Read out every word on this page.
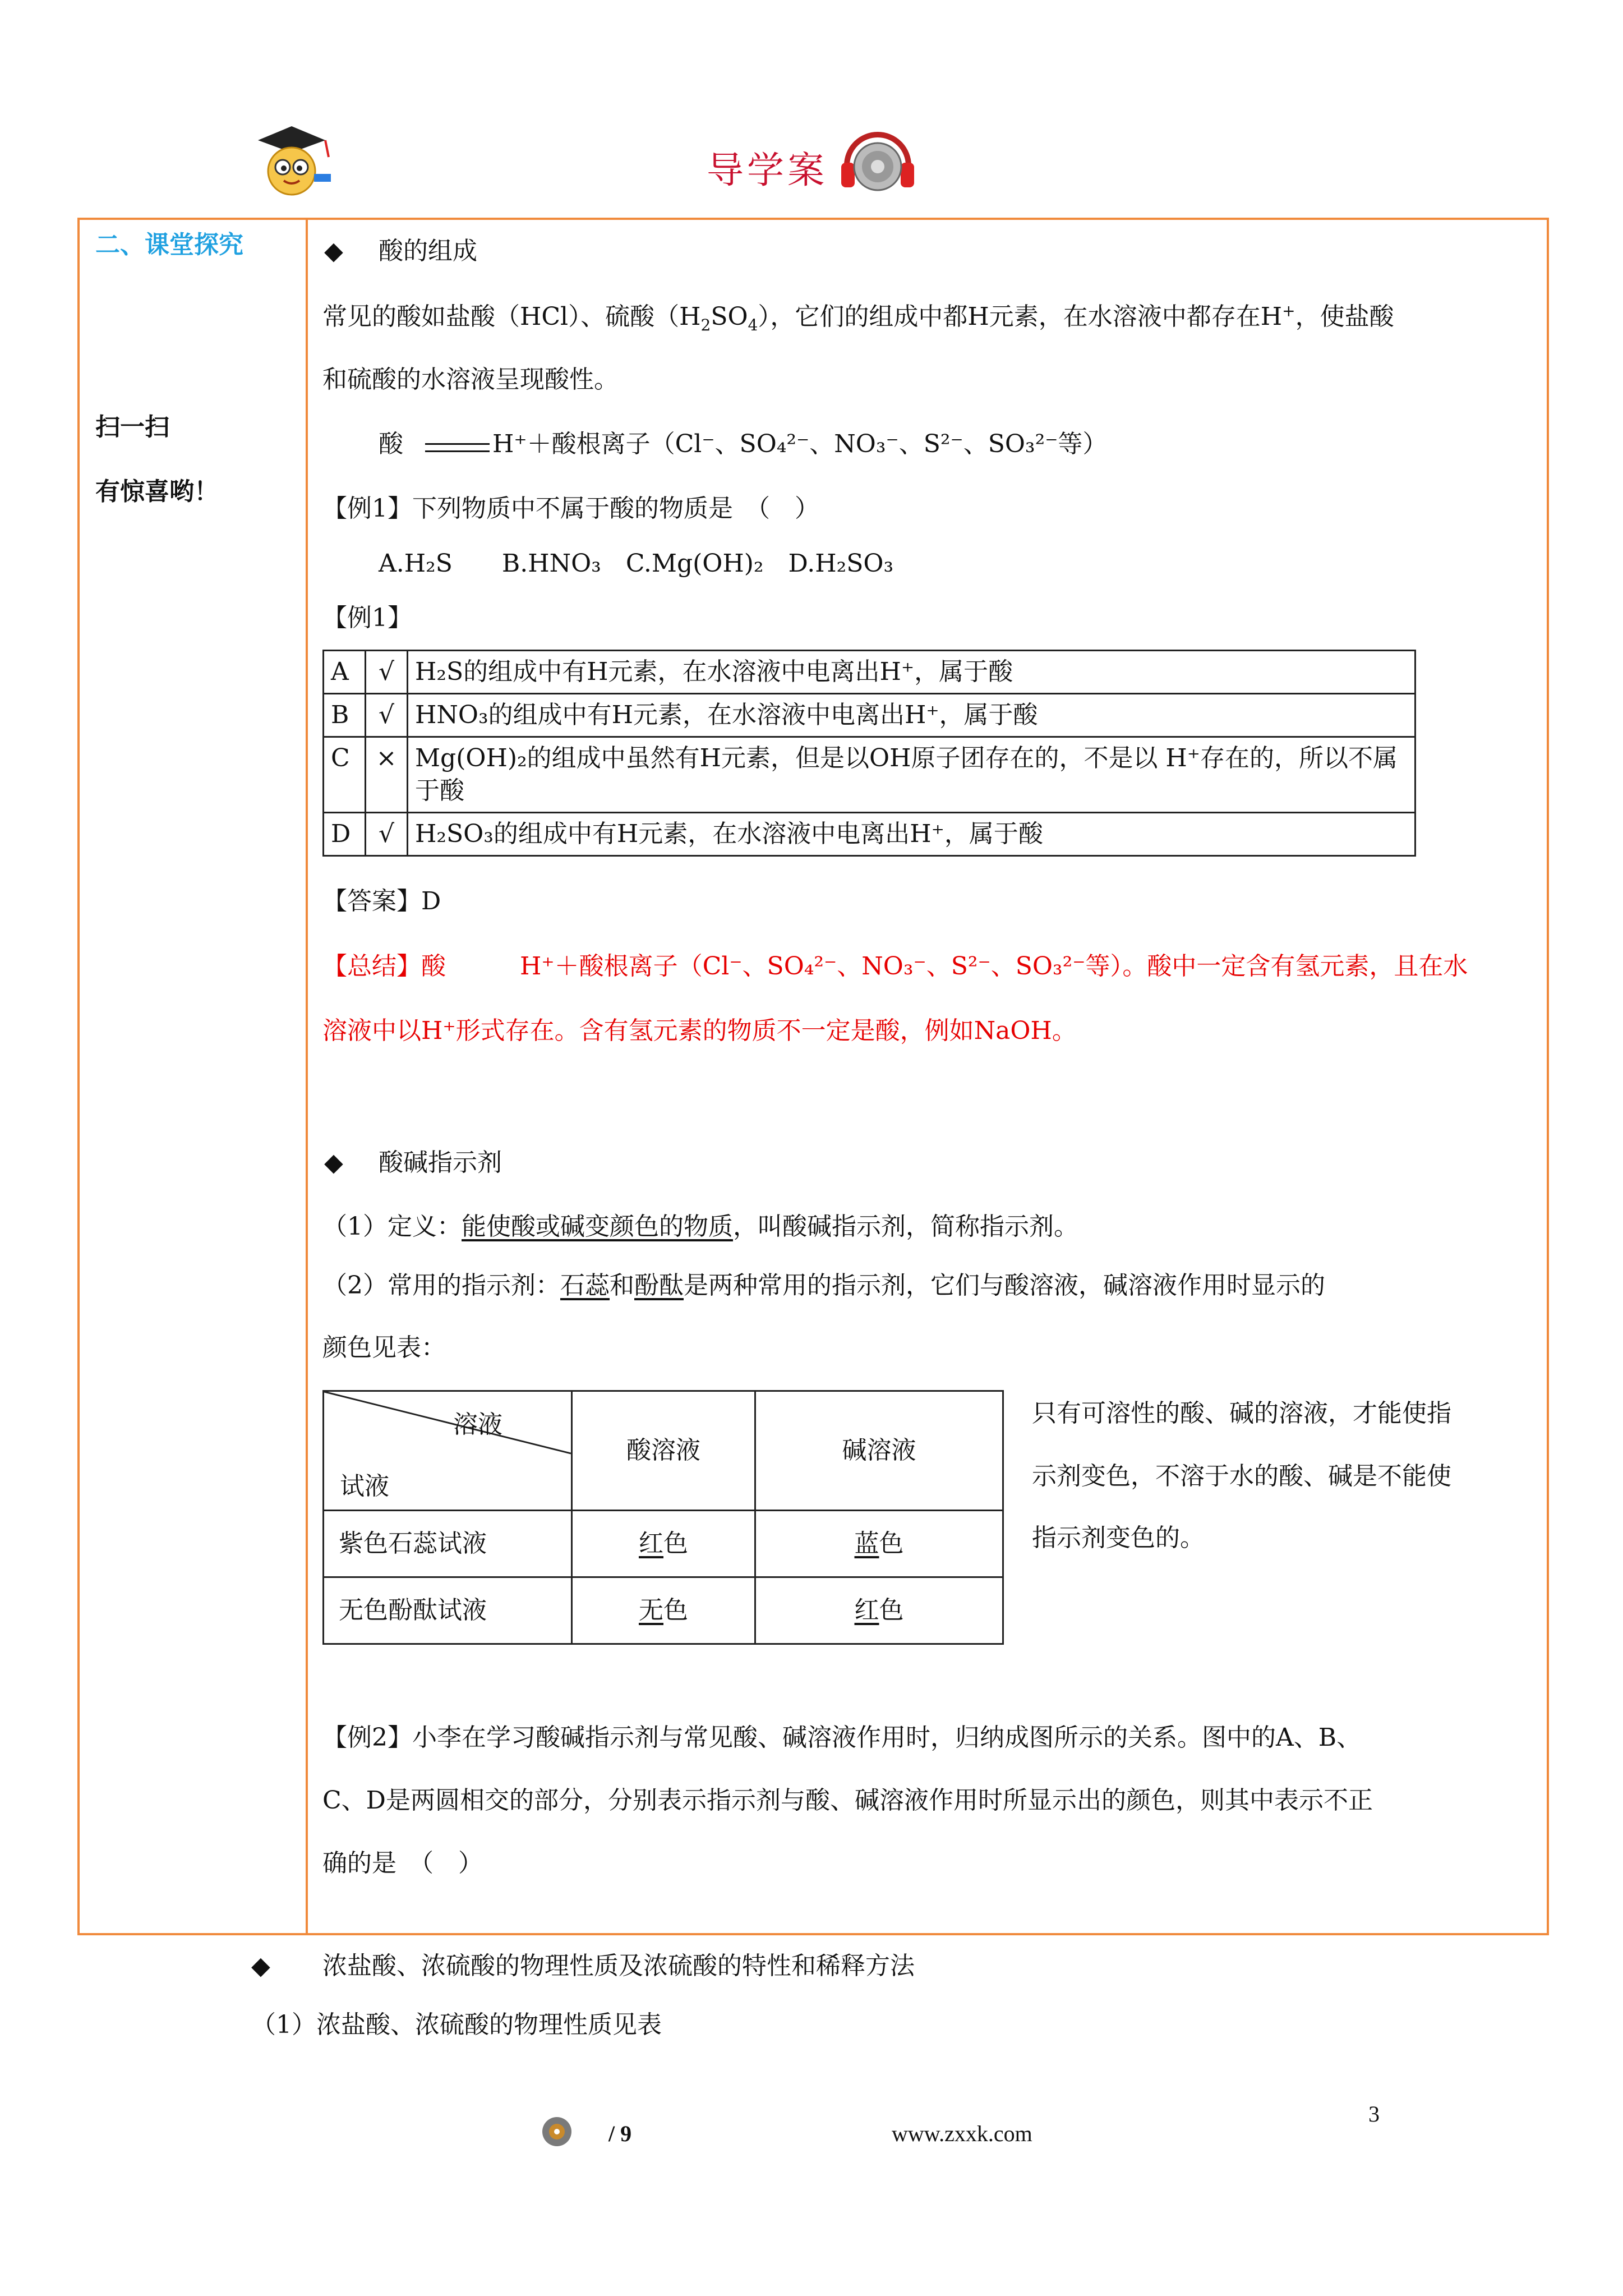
导学案
二、课堂探究
扫一扫
有惊喜哟！
◆ 酸的组成
常见的酸如盐酸（HCl）、硫酸$(H_2SO_4)$，它们的组成中都H元素，在水溶液中都存在H+，使盐酸
和硫酸的水溶液呈现酸性。
酸	H⁺＋酸根离子（Cl⁻、SO₄²⁻、NO₃⁻、S²⁻、SO₃²⁻等）
【例1】下列物质中不属于酸的物质是　（　）
A.H₂S　　B.HNO₃　C.Mg(OH)₂　D.H₂SO₃
【例1】
A	√	H₂S的组成中有H元素，在水溶液中电离出H⁺，属于酸
B	√	HNO₃的组成中有H元素，在水溶液中电离出H⁺，属于酸
C	×	Mg(OH)₂的组成中虽然有H元素，但是以OH原子团存在的，不是以 H⁺存在的，所以不属于酸
D	√	H₂SO₃的组成中有H元素，在水溶液中电离出H⁺，属于酸
【答案】D
【总结】酸　　　H⁺＋酸根离子（Cl⁻、SO₄²⁻、NO₃⁻、S²⁻、SO₃²⁻等）。酸中一定含有氢元素，且在水
溶液中以H⁺形式存在。含有氢元素的物质不一定是酸，例如NaOH。
◆ 酸碱指示剂
（1）定义：能使酸或碱变颜色的物质，叫酸碱指示剂，简称指示剂。
（2）常用的指示剂：石蕊和酚酞是两种常用的指示剂，它们与酸溶液，碱溶液作用时显示的
颜色见表：
溶液
试液	酸溶液	碱溶液
紫色石蕊试液	红色	蓝色
无色酚酞试液	无色	红色
只有可溶性的酸、碱的溶液，才能使指
示剂变色，不溶于水的酸、碱是不能使
指示剂变色的。
【例2】小李在学习酸碱指示剂与常见酸、碱溶液作用时，归纳成图所示的关系。图中的A、B、
C、D是两圆相交的部分，分别表示指示剂与酸、碱溶液作用时所显示出的颜色，则其中表示不正
确的是　（　）
◆ 浓盐酸、浓硫酸的物理性质及浓硫酸的特性和稀释方法
（1）浓盐酸、浓硫酸的物理性质见表
/ 9	www.zxxk.com
3
